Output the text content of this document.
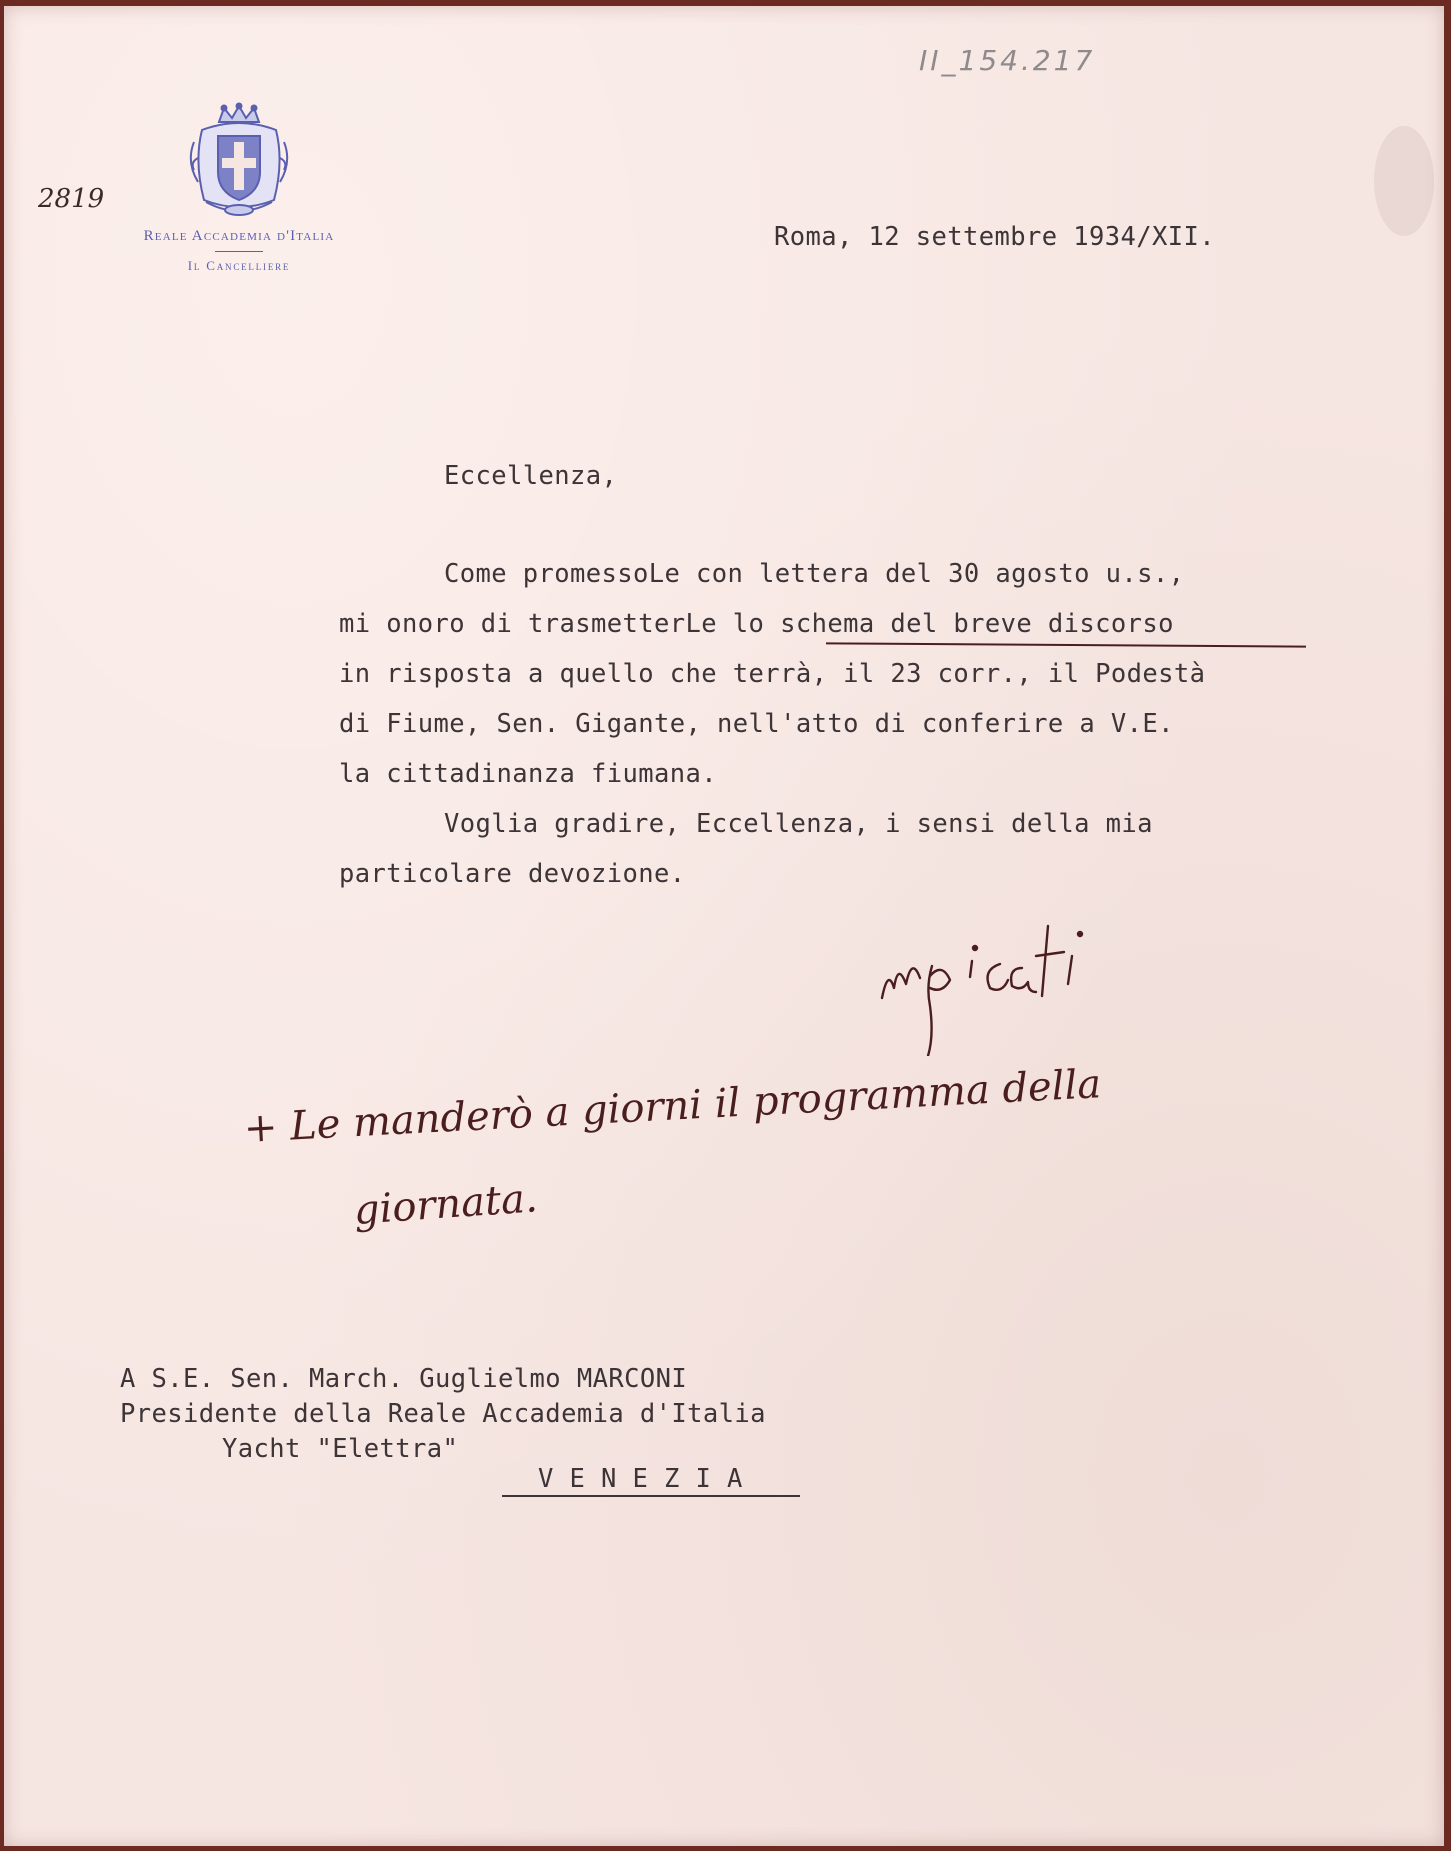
II_154.217
2819
Reale Accademia d'Italia
Il Cancelliere
Roma, 12 settembre 1934/XII.
Eccellenza,
Come promessoLe con lettera del 30 agosto u.s.,
mi onoro di trasmetterLe lo schema del breve discorso
in risposta a quello che terrà, il 23 corr., il Podestà
di Fiume, Sen. Gigante, nell'atto di conferire a V.E.
la cittadinanza fiumana.
Voglia gradire, Eccellenza, i sensi della mia
particolare devozione.
+ Le manderò a giorni il programma della
giornata.
A S.E. Sen. March. Guglielmo MARCONI
Presidente della Reale Accademia d'Italia
Yacht "Elettra"
V E N E Z I A
